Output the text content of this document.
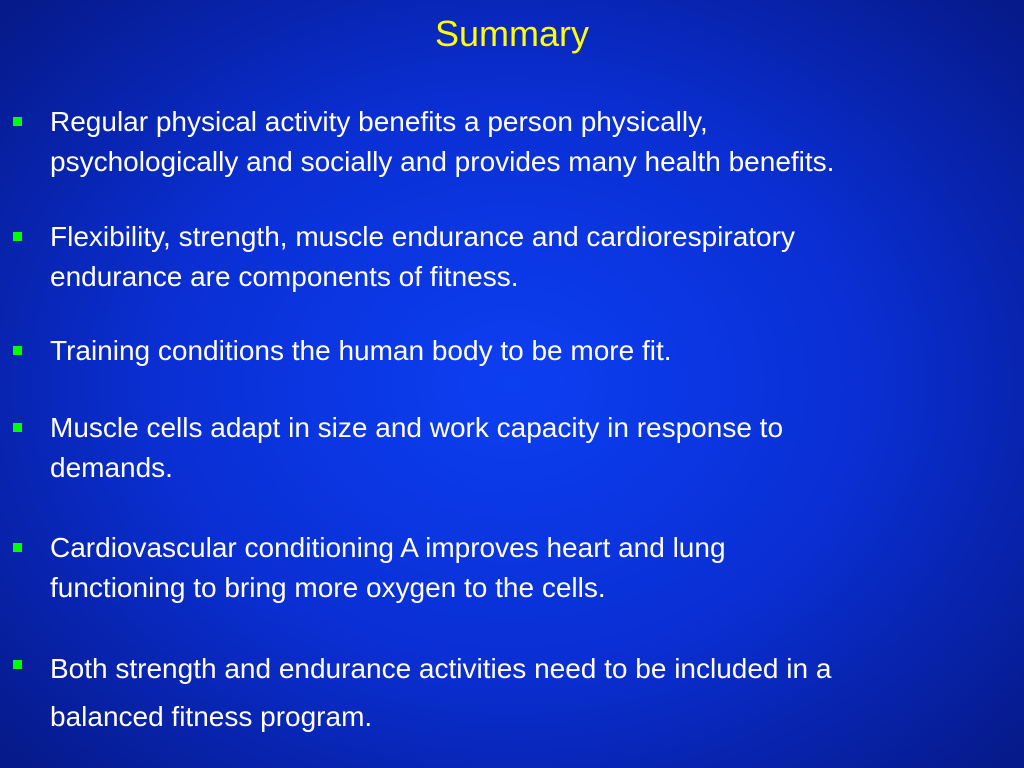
Summary
Regular physical activity benefits a person physically,
psychologically and socially and provides many health benefits.
Flexibility, strength, muscle endurance and cardiorespiratory
endurance are components of fitness.
Training conditions the human body to be more fit.
Muscle cells adapt in size and work capacity in response to
demands.
Cardiovascular conditioning A improves heart and lung
functioning to bring more oxygen to the cells.
Both strength and endurance activities need to be included in a
balanced fitness program.
